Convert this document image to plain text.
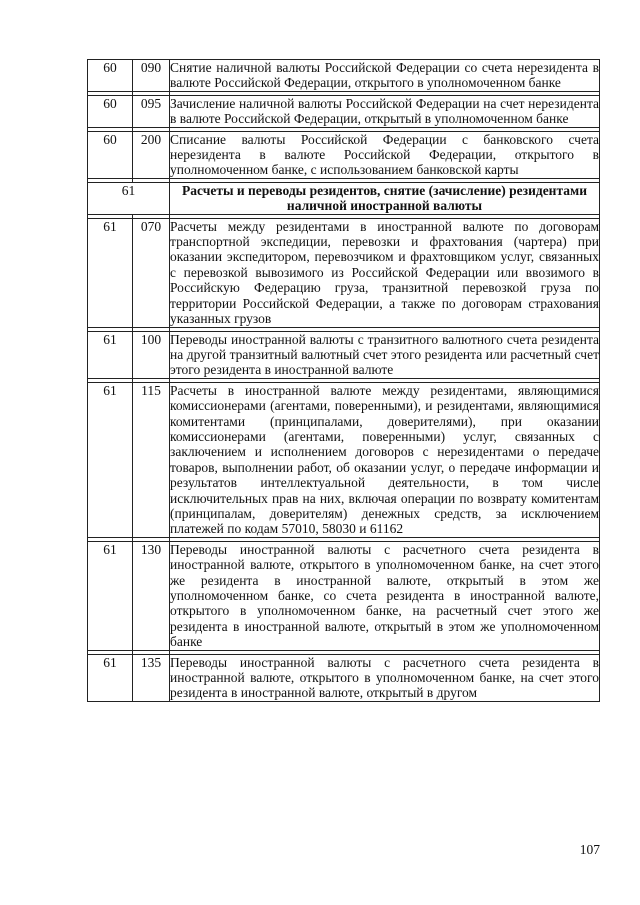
60	090	Снятие наличной валюты Российской Федерации со счета нерезидента в валюте Российской Федерации, открытого в уполномоченном банке

60	095	Зачисление наличной валюты Российской Федерации на счет нерезидента в валюте Российской Федерации, открытый в уполномоченном банке

60	200	Списание валюты Российской Федерации с банковского счета нерезидента в валюте Российской Федерации, открытого в уполномоченном банке, с использованием банковской карты

61		Расчеты и переводы резидентов, снятие (зачисление) резидентами наличной иностранной валюты

61	070	Расчеты между резидентами в иностранной валюте по договорам транспортной экспедиции, перевозки и фрахтования (чартера) при оказании экспедитором, перевозчиком и фрахтовщиком услуг, связанных с перевозкой вывозимого из Российской Федерации или ввозимого в Российскую Федерацию груза, транзитной перевозкой груза по территории Российской Федерации, а также по договорам страхования указанных грузов

61	100	Переводы иностранной валюты с транзитного валютного счета резидента на другой транзитный валютный счет этого резидента или расчетный счет этого резидента в иностранной валюте

61	115	Расчеты в иностранной валюте между резидентами, являющимися комиссионерами (агентами, поверенными), и резидентами, являющимися комитентами (принципалами, доверителями), при оказании комиссионерами (агентами, поверенными) услуг, связанных с заключением и исполнением договоров с нерезидентами о передаче товаров, выполнении работ, об оказании услуг, о передаче информации и результатов интеллектуальной деятельности, в том числе исключительных прав на них, включая операции по возврату комитентам (принципалам, доверителям) денежных средств, за исключением платежей по кодам 57010, 58030 и 61162

61	130	Переводы иностранной валюты с расчетного счета резидента в иностранной валюте, открытого в уполномоченном банке, на счет этого же резидента в иностранной валюте, открытый в этом же уполномоченном банке, со счета резидента в иностранной валюте, открытого в уполномоченном банке, на расчетный счет этого же резидента в иностранной валюте, открытый в этом же уполномоченном банке

61	135	Переводы иностранной валюты с расчетного счета резидента в иностранной валюте, открытого в уполномоченном банке, на счет этого резидента в иностранной валюте, открытый в другом
107
